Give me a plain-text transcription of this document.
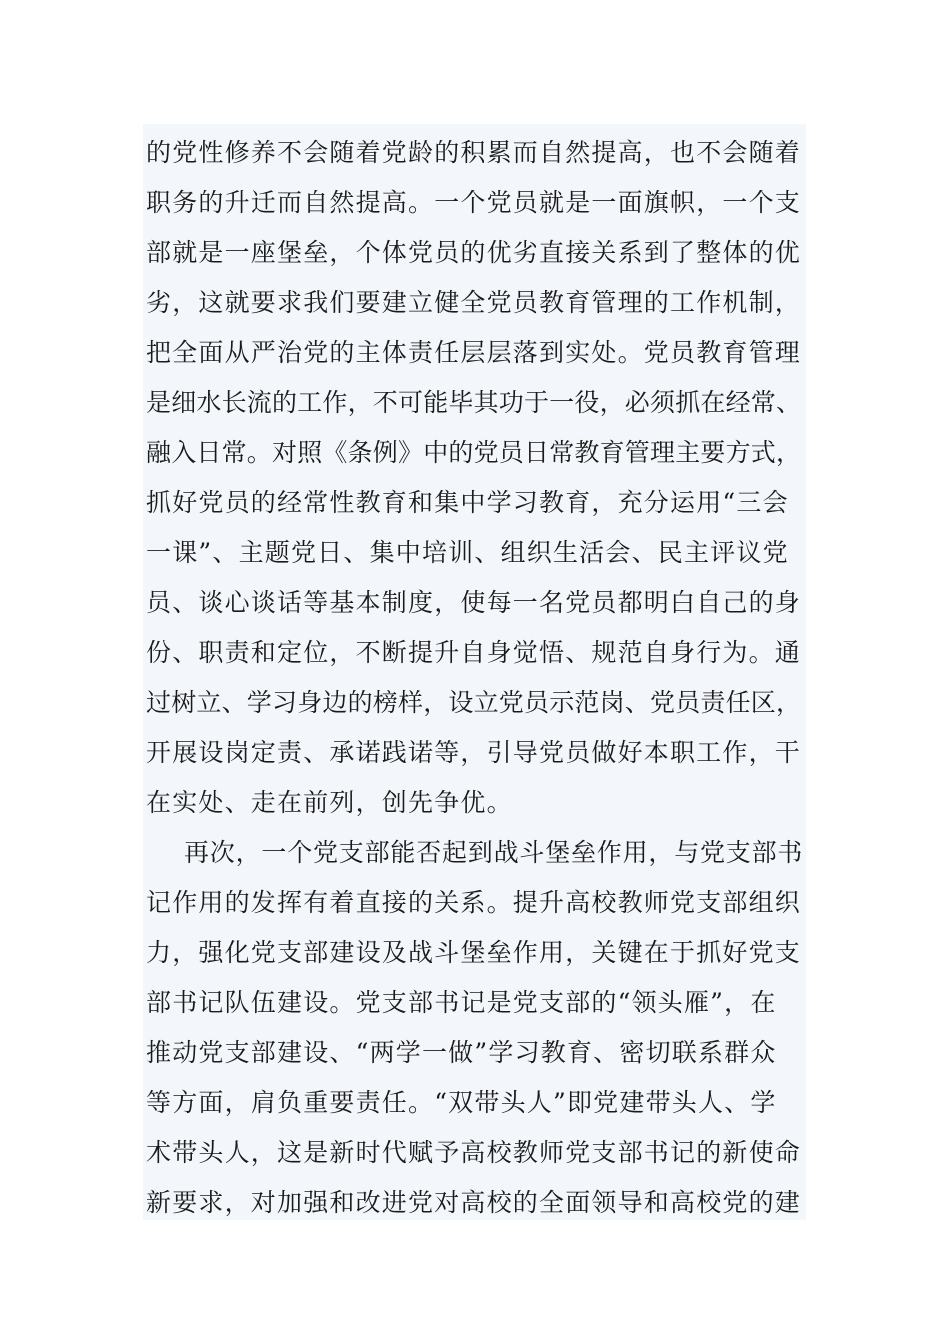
的党性修养不会随着党龄的积累而自然提高，也不会随着
职务的升迁而自然提高。一个党员就是一面旗帜，一个支
部就是一座堡垒，个体党员的优劣直接关系到了整体的优
劣，这就要求我们要建立健全党员教育管理的工作机制，
把全面从严治党的主体责任层层落到实处。党员教育管理
是细水长流的工作，不可能毕其功于一役，必须抓在经常、
融入日常。对照《条例》中的党员日常教育管理主要方式，
抓好党员的经常性教育和集中学习教育，充分运用“三会
一课”、主题党日、集中培训、组织生活会、民主评议党
员、谈心谈话等基本制度，使每一名党员都明白自己的身
份、职责和定位，不断提升自身觉悟、规范自身行为。通
过树立、学习身边的榜样，设立党员示范岗、党员责任区，
开展设岗定责、承诺践诺等，引导党员做好本职工作，干
在实处、走在前列，创先争优。
再次，一个党支部能否起到战斗堡垒作用，与党支部书
记作用的发挥有着直接的关系。提升高校教师党支部组织
力，强化党支部建设及战斗堡垒作用，关键在于抓好党支
部书记队伍建设。党支部书记是党支部的“领头雁”，在
推动党支部建设、“两学一做”学习教育、密切联系群众
等方面，肩负重要责任。“双带头人”即党建带头人、学
术带头人，这是新时代赋予高校教师党支部书记的新使命
新要求，对加强和改进党对高校的全面领导和高校党的建
